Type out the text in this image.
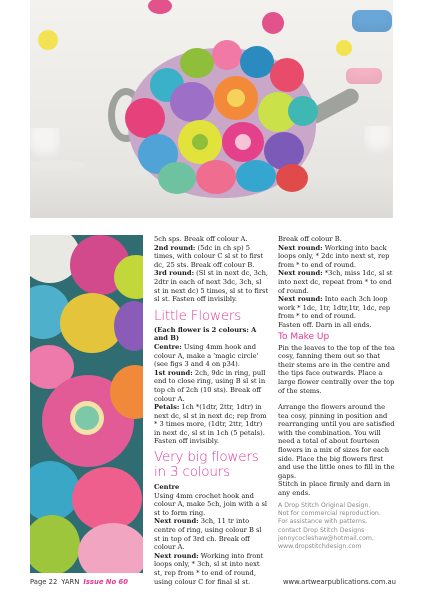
5ch sps. Break off colour A.

2nd round: (5dc in ch sp) 5 times, with colour C sl st to first dc, 25 sts. Break off colour B.

3rd round: (Sl st in next dc, 3ch, 2dtr in each of next 3dc, 3ch, sl st in next dc) 5 times, sl st to first sl st. Fasten off invisibly.

Little Flowers

(Each flower is 2 colours: A and B)

Centre: Using 4mm hook and colour A, make a 'magic circle' (see figs 3 and 4 on p34).

1st round: 2ch, 9dc in ring, pull end to close ring, using B sl st in top ch of 2ch (10 sts). Break off colour A.

Petals: 1ch *(1dtr, 2ttr, 1dtr) in next dc, sl st in next dc; rep from * 3 times more, (1dtr, 2ttr, 1dtr) in next dc, sl st in 1ch (5 petals).

Fasten off invisibly.

Very big flowers
in 3 colours

Centre

Using 4mm crochet hook and colour A, make 5ch, join with a sl st to form ring.

Next round: 3ch, 11 tr into centre of ring, using colour B sl st in top of 3rd ch. Break off colour A.

Next round: Working into front loops only, * 3ch, sl st into next st, rep from * to end of round, using colour C for final sl st.

Break off colour B.

Next round: Working into back loops only, * 2dc into next st, rep from * to end of round.

Next round: *3ch, miss 1dc, sl st into next dc, repeat from * to end of round.

Next round: Into each 3ch loop work * 1dc, 1tr, 1dtr,1tr, 1dc, rep from * to end of round.

Fasten off. Darn in all ends.

To Make Up

Pin the leaves to the top of the tea cosy, fanning them out so that their stems are in the centre and the tips face outwards. Place a large flower centrally over the top of the stems.

Arrange the flowers around the tea cosy, pinning in position and rearranging until you are satisfied with the combination. You will need a total of about fourteen flowers in a mix of sizes for each side. Place the big flowers first and use the little ones to fill in the gaps.

Stitch in place firmly and darn in any ends.

A Drop Stitch Original Design.
Not for commercial reproduction.
For assistance with patterns,
contact Drop Stitch Designs
jennycocleshaw@hotmail.com,
www.dropstitchdesign.com
Page 22 YARN Issue No 60	www.artwearpublications.com.au
